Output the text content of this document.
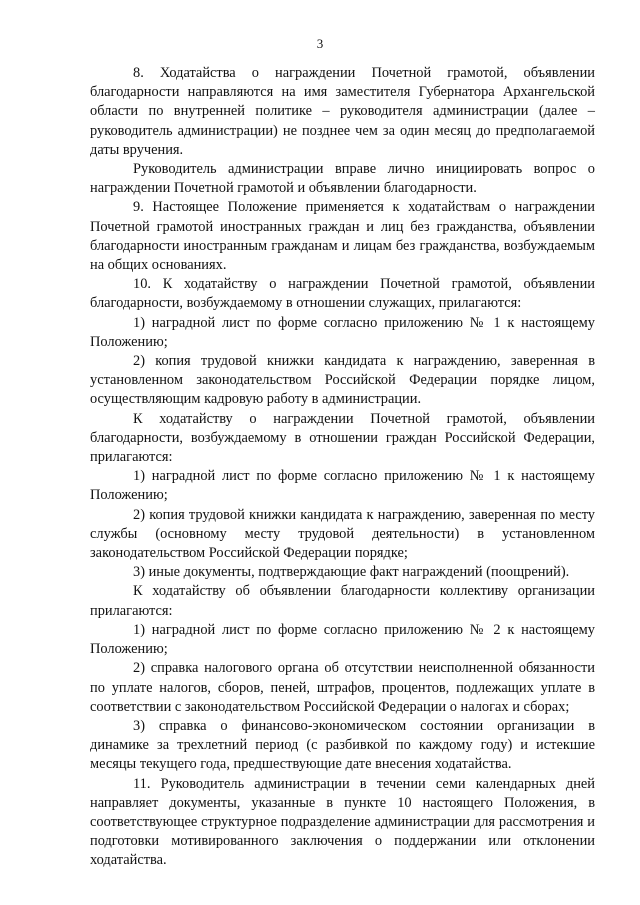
3

8. Ходатайства о награждении Почетной грамотой, объявлении благодарности направляются на имя заместителя Губернатора Архангельской области по внутренней политике – руководителя администрации (далее – руководитель администрации) не позднее чем за один месяц до предполагаемой даты вручения.

Руководитель администрации вправе лично инициировать вопрос о награждении Почетной грамотой и объявлении благодарности.

9. Настоящее Положение применяется к ходатайствам о награждении Почетной грамотой иностранных граждан и лиц без гражданства, объявлении благодарности иностранным гражданам и лицам без гражданства, возбуждаемым на общих основаниях.

10. К ходатайству о награждении Почетной грамотой, объявлении благодарности, возбуждаемому в отношении служащих, прилагаются:

1) наградной лист по форме согласно приложению № 1 к настоящему Положению;

2) копия трудовой книжки кандидата к награждению, заверенная в установленном законодательством Российской Федерации порядке лицом, осуществляющим кадровую работу в администрации.

К ходатайству о награждении Почетной грамотой, объявлении благодарности, возбуждаемому в отношении граждан Российской Федерации, прилагаются:

1) наградной лист по форме согласно приложению № 1 к настоящему Положению;

2) копия трудовой книжки кандидата к награждению, заверенная по месту службы (основному месту трудовой деятельности) в установленном законодательством Российской Федерации порядке;

3) иные документы, подтверждающие факт награждений (поощрений).

К ходатайству об объявлении благодарности коллективу организации прилагаются:

1) наградной лист по форме согласно приложению № 2 к настоящему Положению;

2) справка налогового органа об отсутствии неисполненной обязанности по уплате налогов, сборов, пеней, штрафов, процентов, подлежащих уплате в соответствии с законодательством Российской Федерации о налогах и сборах;

3) справка о финансово-экономическом состоянии организации в динамике за трехлетний период (с разбивкой по каждому году) и истекшие месяцы текущего года, предшествующие дате внесения ходатайства.

11. Руководитель администрации в течении семи календарных дней направляет документы, указанные в пункте 10 настоящего Положения, в соответствующее структурное подразделение администрации для рассмотрения и подготовки мотивированного заключения о поддержании или отклонении ходатайства.
